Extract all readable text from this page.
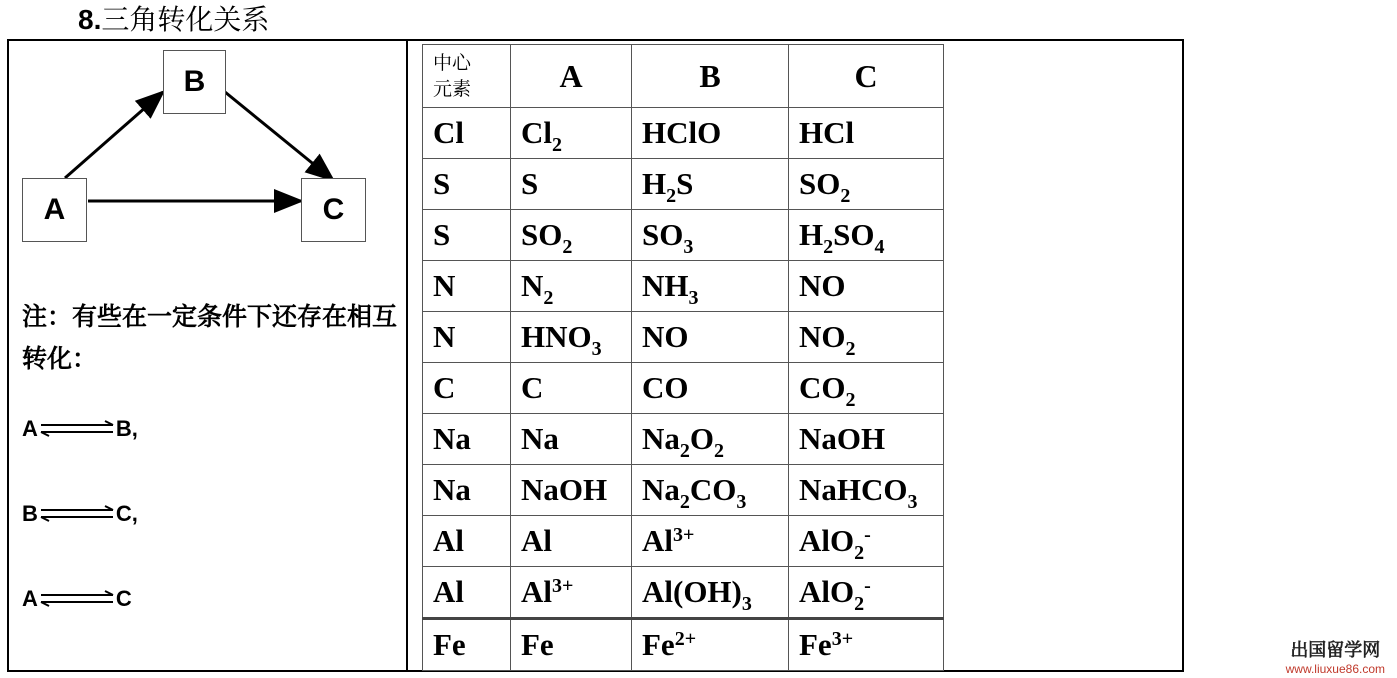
8.三角转化关系
B
A	C
注：有些在一定条件下还存在相互转化：
A ⇌ B,
B ⇌ C,
A ⇌ C
中心
元素	A	B	C
Cl	$Cl_2$	HClO	HCl
S	S	$H_2S$	$SO_2$
S	$SO_2$	$SO_3$	$H_2SO_4$
N	$N_2$	$NH_3$	NO
N	$HNO_3$	NO	$NO_2$
C	C	CO	$CO_2$
Na	Na	$Na_2O_2$	NaOH
Na	NaOH	$Na_2CO_3$	NaHCO$_3$
Al	Al	$Al^{3+}$	AlO$_2$-
Al	$Al^{3+}$	$Al(OH)_3$	AlO$_2$-
Fe	Fe	$Fe^{2+}$	$Fe^{3+}$
出国留学网
www.liuxue86.com
